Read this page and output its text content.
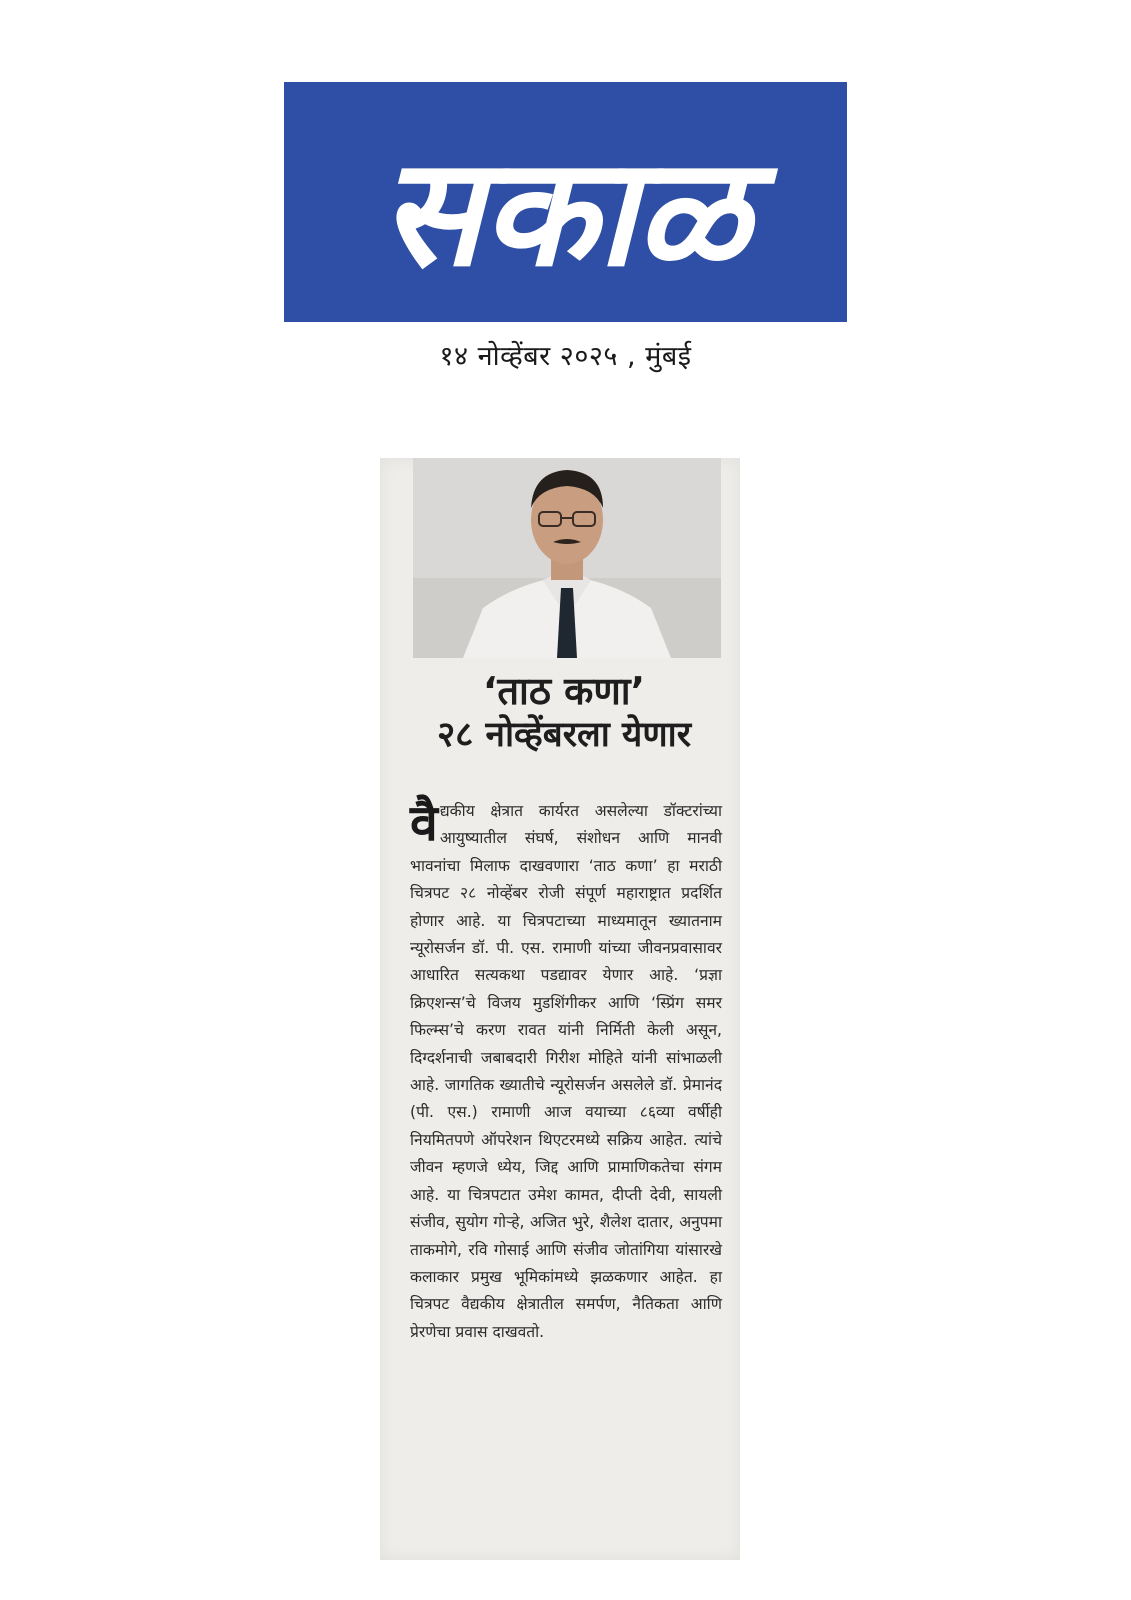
सकाळ
१४ नोव्हेंबर २०२५ , मुंबई
‘ताठ कणा’
२८ नोव्हेंबरला येणार
वै द्यकीय क्षेत्रात कार्यरत असलेल्या डॉक्टरांच्या आयुष्यातील संघर्ष, संशोधन आणि मानवी भावनांचा मिलाफ दाखवणारा ‘ताठ कणा’ हा मराठी चित्रपट २८ नोव्हेंबर रोजी संपूर्ण महाराष्ट्रात प्रदर्शित होणार आहे. या चित्रपटाच्या माध्यमातून ख्यातनाम न्यूरोसर्जन डॉ. पी. एस. रामाणी यांच्या जीवनप्रवासावर आधारित सत्यकथा पडद्यावर येणार आहे. ‘प्रज्ञा क्रिएशन्स’चे विजय मुडशिंगीकर आणि ‘स्प्रिंग समर फिल्म्स’चे करण रावत यांनी निर्मिती केली असून, दिग्दर्शनाची जबाबदारी गिरीश मोहिते यांनी सांभाळली आहे. जागतिक ख्यातीचे न्यूरोसर्जन असलेले डॉ. प्रेमानंद (पी. एस.) रामाणी आज वयाच्या ८६व्या वर्षीही नियमितपणे ऑपरेशन थिएटरमध्ये सक्रिय आहेत. त्यांचे जीवन म्हणजे ध्येय, जिद्द आणि प्रामाणिकतेचा संगम आहे. या चित्रपटात उमेश कामत, दीप्ती देवी, सायली संजीव, सुयोग गोऱ्हे, अजित भुरे, शैलेश दातार, अनुपमा ताकमोगे, रवि गोसाई आणि संजीव जोतांगिया यांसारखे कलाकार प्रमुख भूमिकांमध्ये झळकणार आहेत. हा चित्रपट वैद्यकीय क्षेत्रातील समर्पण, नैतिकता आणि प्रेरणेचा प्रवास दाखवतो.
